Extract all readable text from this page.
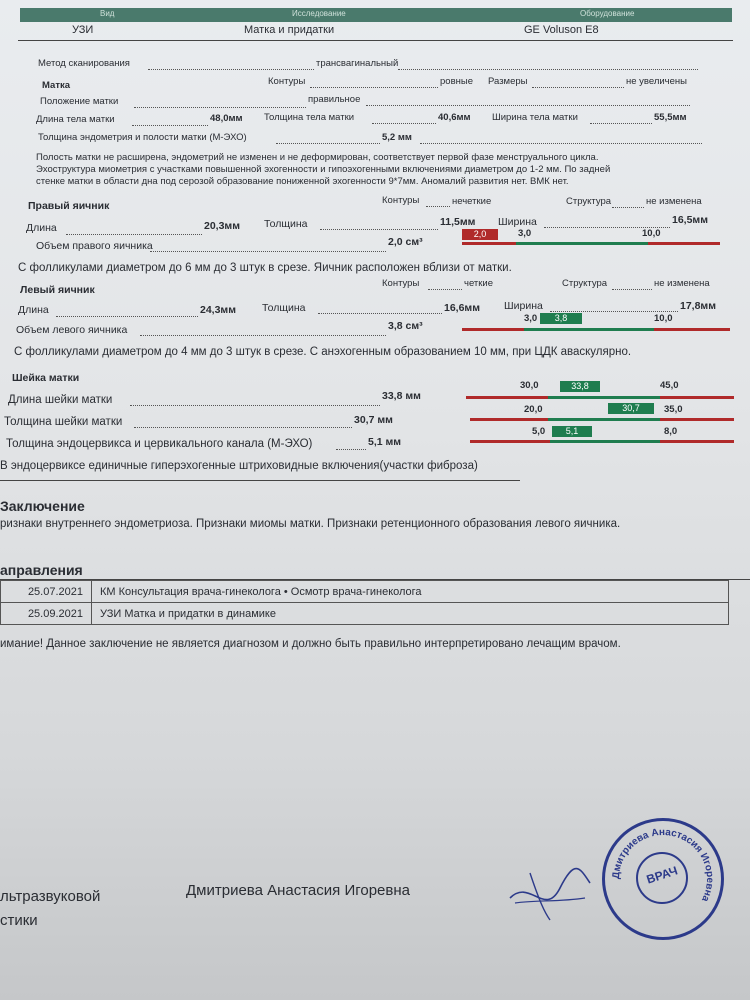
Вид	Исследование	Оборудование
УЗИ	Матка и придатки	GE Voluson E8
Метод сканирования	трансвагинальный
Матка	Контуры	ровные Размеры	не увеличены
Положение матки	правильное
Длина тела матки	48,0мм Толщина тела матки	40,6мм Ширина тела матки	55,5мм
Толщина эндометрия и полости матки (М-ЭХО)	5,2 мм
Полость матки не расширена, эндометрий не изменен и не деформирован, соответствует первой фазе менструального цикла.
Эхоструктура миометрия с участками повышенной эхогенности и гипоэхогенными включениями диаметром до 1-2 мм. По задней
стенке матки в области дна под серозой образование пониженной эхогенности 9*7мм. Аномалий развития нет. ВМК нет.
Контуры	нечеткие	Структура	не изменена
Правый яичник
Длина	20,3мм Толщина	11,5мм Ширина	16,5мм
Объем правого яичника	2,0 см³
2,0	3,0	10,0
С фолликулами диаметром до 6 мм до 3 штук в срезе. Яичник расположен вблизи от матки.
Контуры	четкие	Структура	не изменена
Левый яичник
Длина	24,3мм Толщина	16,6мм Ширина	17,8мм
Объем левого яичника	3,8 см³
3,8
3,0	10,0
С фолликулами диаметром до 4 мм до 3 штук в срезе. С анэхогенным образованием 10 мм, при ЦДК аваскулярно.
Шейка матки
Длина шейки матки	33,8 мм
33,8
30,0	45,0
Толщина шейки матки	30,7 мм
30,7
20,0	35,0
Толщина эндоцервикса и цервикального канала (М-ЭХО)	5,1 мм
5,1
5,0	8,0
В эндоцервиксе единичные гиперэхогенные штриховидные включения(участки фиброза)
Заключение
ризнаки внутреннего эндометриоза. Признаки миомы матки. Признаки ретенционного образования левого яичника.
аправления
25.07.2021	КМ Консультация врача-гинеколога • Осмотр врача-гинеколога
25.09.2021	УЗИ Матка и придатки в динамике
имание! Данное заключение не является диагнозом и должно быть правильно интерпретировано лечащим врачом.
льтразвуковой
стики
Дмитриева Анастасия Игоревна
Дмитриева Анастасия Игоревна
ВРАЧ
